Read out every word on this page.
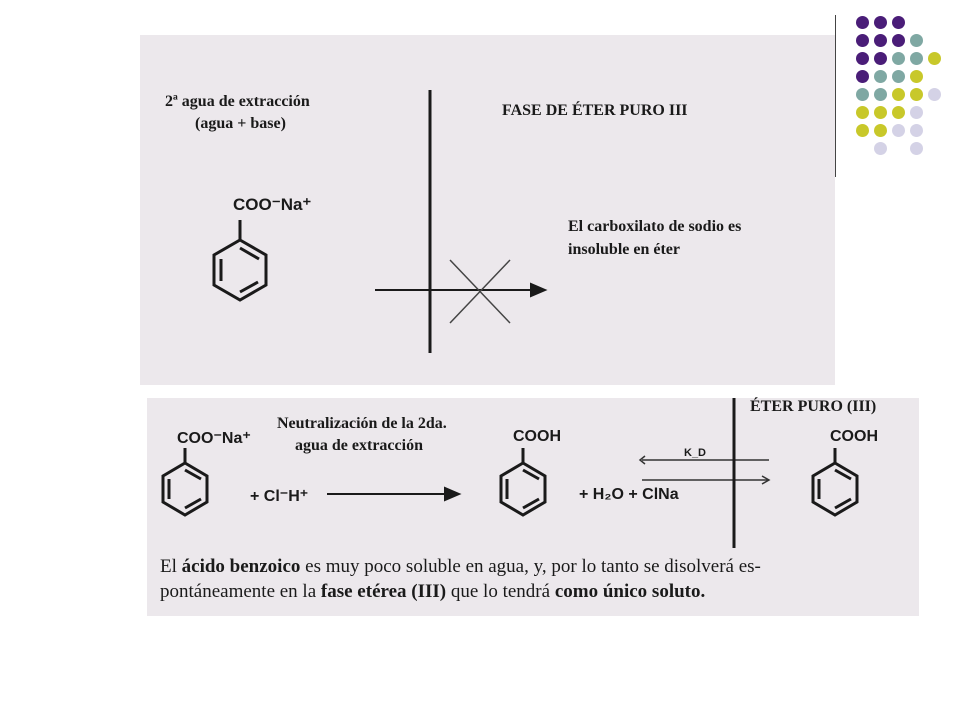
2ª agua de extracción
(agua + base)
COO⁻Na⁺
FASE DE ÉTER PURO III
El carboxilato de sodio es
insoluble en éter
COO⁻Na⁺
Neutralización de la 2da.
agua de extracción
+ Cl⁻H⁺
COOH
+ H₂O + ClNa
K_D
ÉTER PURO (III)
COOH
El ácido benzoico es muy poco soluble en agua, y, por lo tanto se disolverá es-
pontáneamente en la fase etérea (III) que lo tendrá como único soluto.
